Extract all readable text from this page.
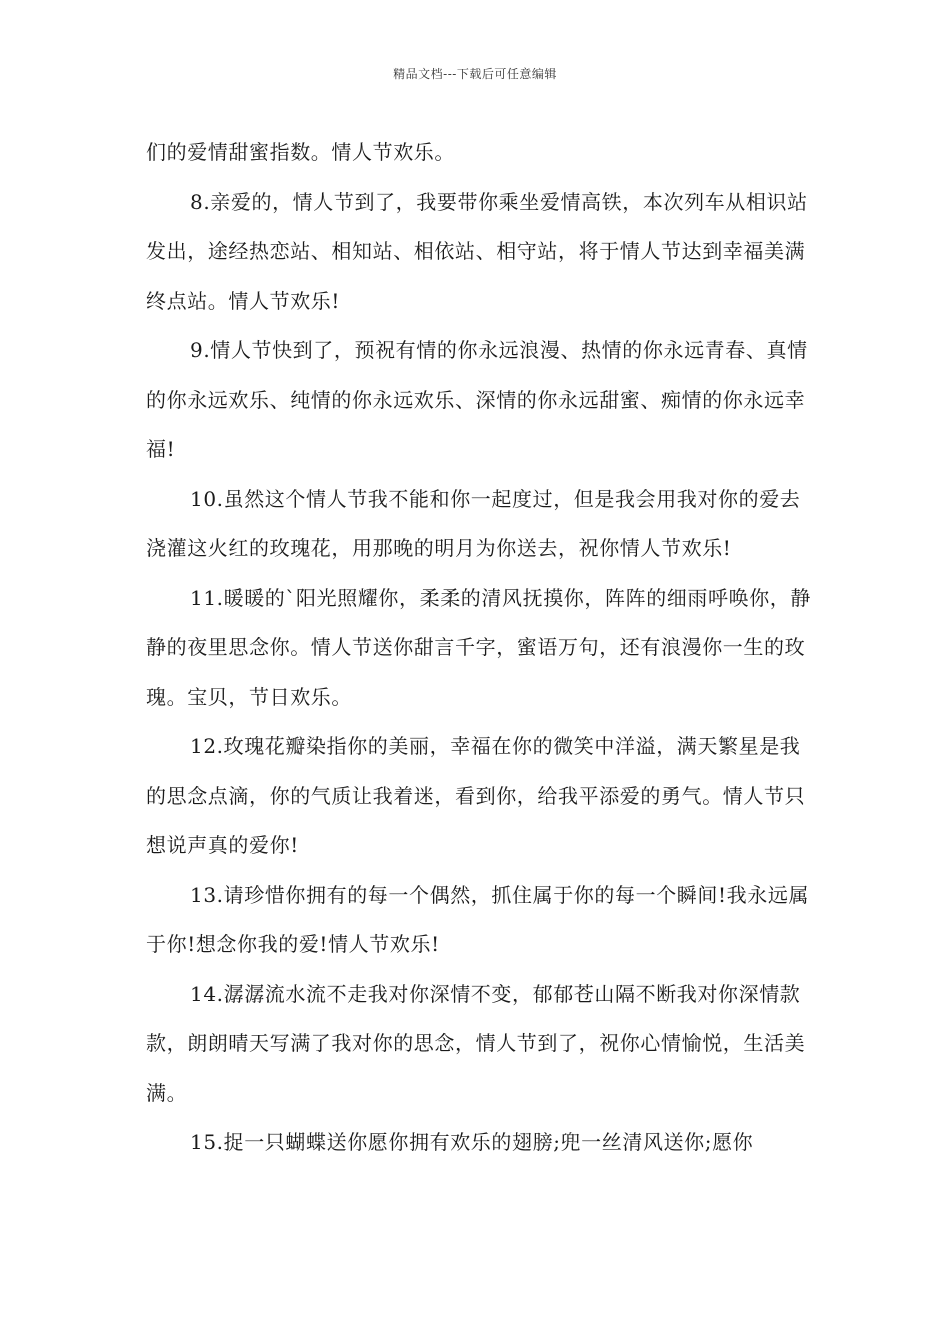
精品文档---下载后可任意编辑

们的爱情甜蜜指数。情人节欢乐。

8.亲爱的，情人节到了，我要带你乘坐爱情高铁，本次列车从相识站发出，途经热恋站、相知站、相依站、相守站，将于情人节达到幸福美满终点站。情人节欢乐!

9.情人节快到了，预祝有情的你永远浪漫、热情的你永远青春、真情的你永远欢乐、纯情的你永远欢乐、深情的你永远甜蜜、痴情的你永远幸福!

10.虽然这个情人节我不能和你一起度过，但是我会用我对你的爱去浇灌这火红的玫瑰花，用那晚的明月为你送去，祝你情人节欢乐!

11.暖暖的`阳光照耀你，柔柔的清风抚摸你，阵阵的细雨呼唤你，静静的夜里思念你。情人节送你甜言千字，蜜语万句，还有浪漫你一生的玫瑰。宝贝，节日欢乐。

12.玫瑰花瓣染指你的美丽，幸福在你的微笑中洋溢，满天繁星是我的思念点滴，你的气质让我着迷，看到你，给我平添爱的勇气。情人节只想说声真的爱你!

13.请珍惜你拥有的每一个偶然，抓住属于你的每一个瞬间!我永远属于你!想念你我的爱!情人节欢乐!

14.潺潺流水流不走我对你深情不变，郁郁苍山隔不断我对你深情款款，朗朗晴天写满了我对你的思念，情人节到了，祝你心情愉悦，生活美满。

15.捉一只蝴蝶送你愿你拥有欢乐的翅膀;兜一丝清风送你;愿你
